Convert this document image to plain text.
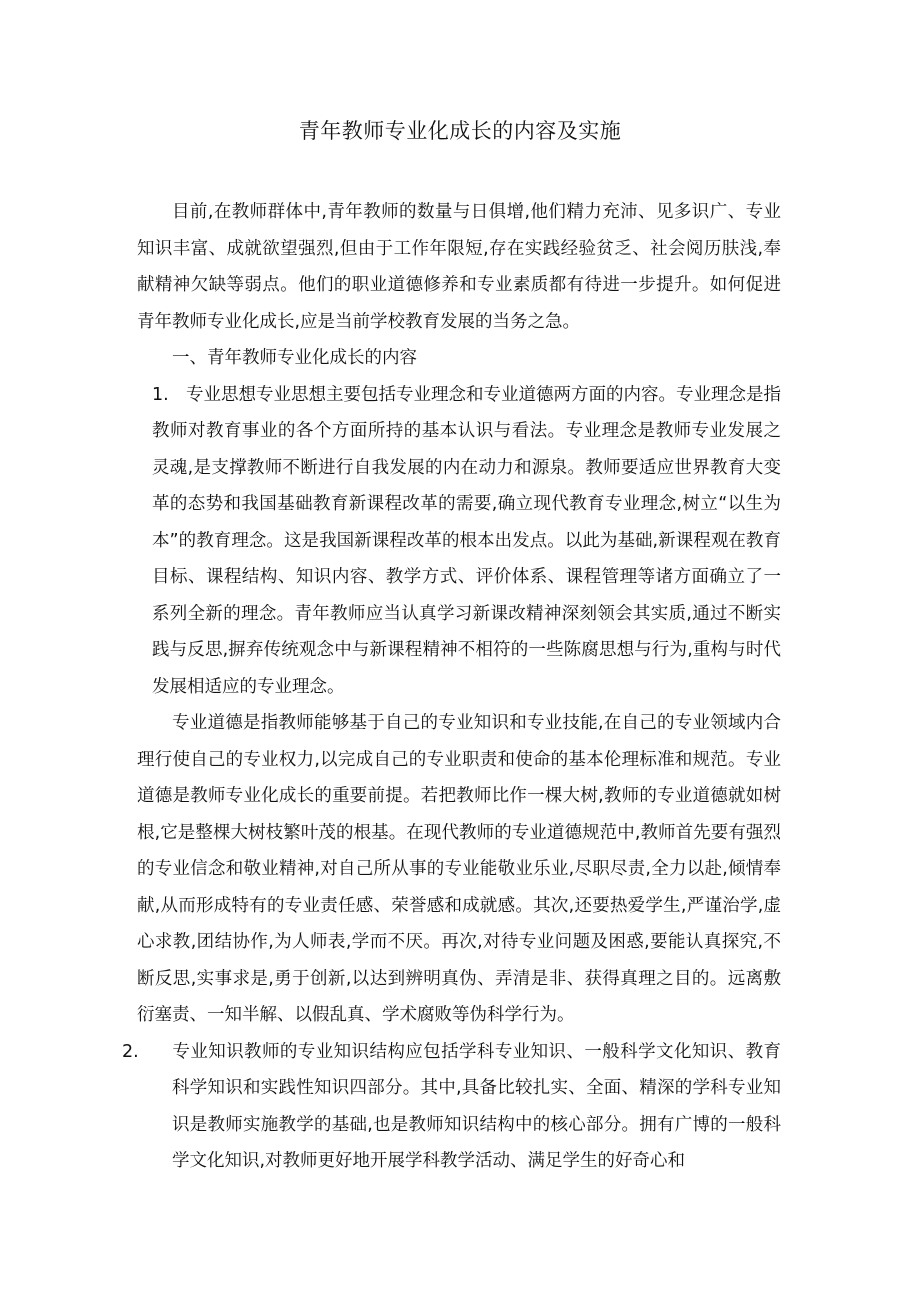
青年教师专业化成长的内容及实施

目前,在教师群体中,青年教师的数量与日俱增,他们精力充沛、见多识广、专业知识丰富、成就欲望强烈,但由于工作年限短,存在实践经验贫乏、社会阅历肤浅,奉献精神欠缺等弱点。他们的职业道德修养和专业素质都有待进一步提升。如何促进青年教师专业化成长,应是当前学校教育发展的当务之急。

一、青年教师专业化成长的内容

1. 专业思想专业思想主要包括专业理念和专业道德两方面的内容。专业理念是指教师对教育事业的各个方面所持的基本认识与看法。专业理念是教师专业发展之灵魂,是支撑教师不断进行自我发展的内在动力和源泉。教师要适应世界教育大变革的态势和我国基础教育新课程改革的需要,确立现代教育专业理念,树立“以生为本”的教育理念。这是我国新课程改革的根本出发点。以此为基础,新课程观在教育目标、课程结构、知识内容、教学方式、评价体系、课程管理等诸方面确立了一系列全新的理念。青年教师应当认真学习新课改精神深刻领会其实质,通过不断实践与反思,摒弃传统观念中与新课程精神不相符的一些陈腐思想与行为,重构与时代发展相适应的专业理念。

专业道德是指教师能够基于自己的专业知识和专业技能,在自己的专业领域内合理行使自己的专业权力,以完成自己的专业职责和使命的基本伦理标准和规范。专业道德是教师专业化成长的重要前提。若把教师比作一棵大树,教师的专业道德就如树根,它是整棵大树枝繁叶茂的根基。在现代教师的专业道德规范中,教师首先要有强烈的专业信念和敬业精神,对自己所从事的专业能敬业乐业,尽职尽责,全力以赴,倾情奉献,从而形成特有的专业责任感、荣誉感和成就感。其次,还要热爱学生,严谨治学,虚心求教,团结协作,为人师表,学而不厌。再次,对待专业问题及困惑,要能认真探究,不断反思,实事求是,勇于创新,以达到辨明真伪、弄清是非、获得真理之目的。远离敷衍塞责、一知半解、以假乱真、学术腐败等伪科学行为。

2. 专业知识教师的专业知识结构应包括学科专业知识、一般科学文化知识、教育科学知识和实践性知识四部分。其中,具备比较扎实、全面、精深的学科专业知识是教师实施教学的基础,也是教师知识结构中的核心部分。拥有广博的一般科学文化知识,对教师更好地开展学科教学活动、满足学生的好奇心和
